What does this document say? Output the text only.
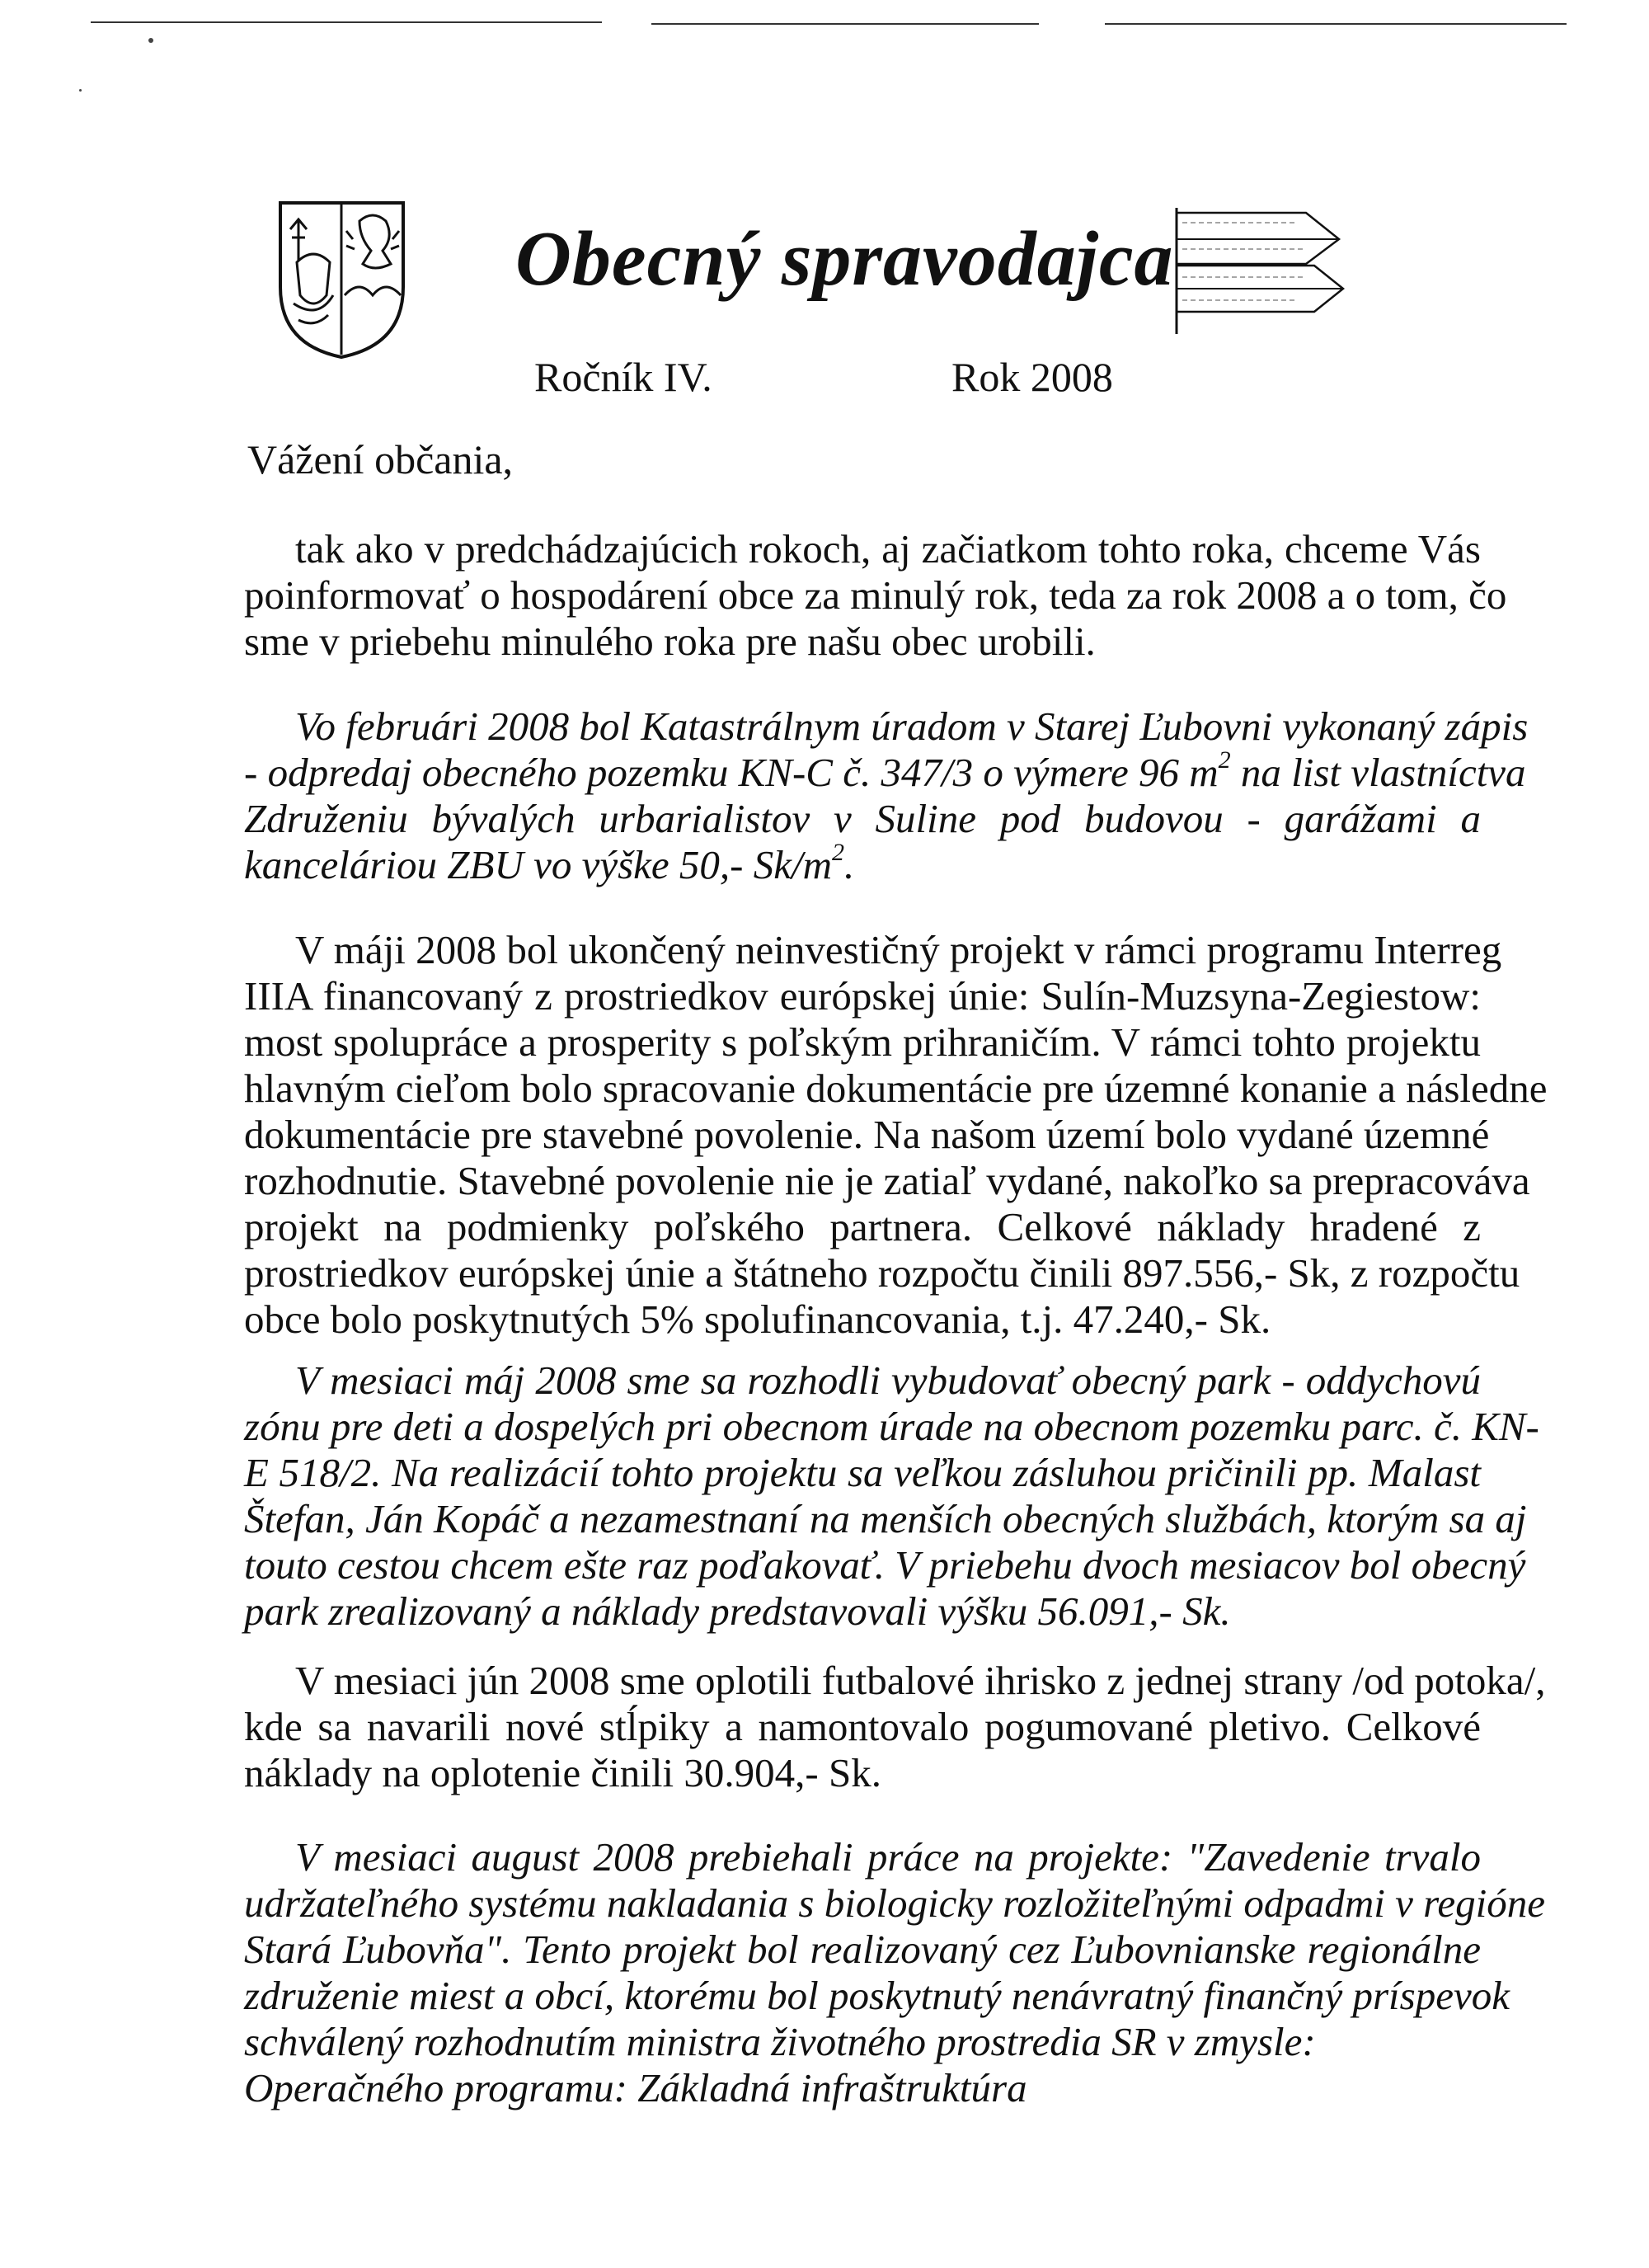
Obecný spravodajca
Ročník IV.	Rok 2008
Vážení občania,
tak ako v predchádzajúcich rokoch, aj začiatkom tohto roka, chceme Vás
poinformovať o hospodárení obce za minulý rok, teda za rok 2008 a o tom, čo
sme v priebehu minulého roka pre našu obec urobili.
Vo februári 2008 bol Katastrálnym úradom v Starej Ľubovni vykonaný zápis
- odpredaj obecného pozemku KN-C č. 347/3 o výmere 96 $m^2$ na list vlastníctva
Združeniu bývalých urbarialistov v Suline pod budovou - garážami a
kanceláriou ZBU vo výške 50,- $Sk/m^2$.
V máji 2008 bol ukončený neinvestičný projekt v rámci programu Interreg
IIIA financovaný z prostriedkov európskej únie: Sulín-Muzsyna-Zegiestow:
most spolupráce a prosperity s poľským prihraničím. V rámci tohto projektu
hlavným cieľom bolo spracovanie dokumentácie pre územné konanie a následne
dokumentácie pre stavebné povolenie. Na našom území bolo vydané územné
rozhodnutie. Stavebné povolenie nie je zatiaľ vydané, nakoľko sa prepracováva
projekt na podmienky poľského partnera. Celkové náklady hradené z
prostriedkov európskej únie a štátneho rozpočtu činili 897.556,- Sk, z rozpočtu
obce bolo poskytnutých 5% spolufinancovania, t.j. 47.240,- Sk.
V mesiaci máj 2008 sme sa rozhodli vybudovať obecný park - oddychovú
zónu pre deti a dospelých pri obecnom úrade na obecnom pozemku parc. č. KN-
E 518/2. Na realizácií tohto projektu sa veľkou zásluhou pričinili pp. Malast
Štefan, Ján Kopáč a nezamestnaní na menších obecných službách, ktorým sa aj
touto cestou chcem ešte raz poďakovať. V priebehu dvoch mesiacov bol obecný
park zrealizovaný a náklady predstavovali výšku 56.091,- Sk.
V mesiaci jún 2008 sme oplotili futbalové ihrisko z jednej strany /od potoka/,
kde sa navarili nové stĺpiky a namontovalo pogumované pletivo. Celkové
náklady na oplotenie činili 30.904,- Sk.
V mesiaci august 2008 prebiehali práce na projekte: "Zavedenie trvalo
udržateľného systému nakladania s biologicky rozložiteľnými odpadmi v regióne
Stará Ľubovňa". Tento projekt bol realizovaný cez Ľubovnianske regionálne
združenie miest a obcí, ktorému bol poskytnutý nenávratný finančný príspevok
schválený rozhodnutím ministra životného prostredia SR v zmysle:
Operačného programu: Základná infraštruktúra
